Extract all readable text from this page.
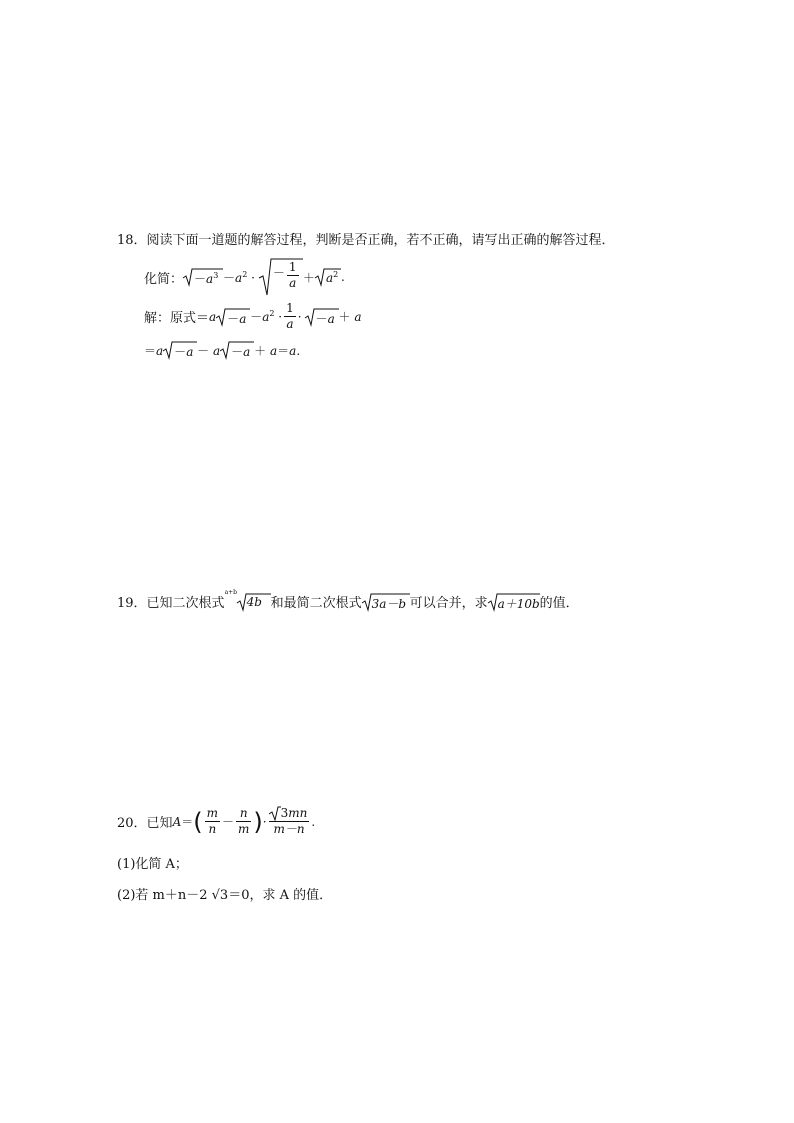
18．阅读下面一道题的解答过程，判断是否正确，若不正确，请写出正确的解答过程．
化简： $-a^3 -a^2$ · － $\frac{1}{a} + a^2$ .
解：原式＝ $a -a -a^2 \cdot \frac{1}{a} \cdot -a + a$
＝a －a － a －a ＋ a＝a.
19． 已知二次根式
a+b
4b 和最简二次根式 3a－b 可以合并，求 a＋10b 的值．
20． 已知 A ＝ ( $\frac{m}{n} - \frac{n}{m}$ ) · $\frac{3mn}{m-n}$ .
(1)化简 A；
(2)若 m＋n－2 √3＝0，求 A 的值．
